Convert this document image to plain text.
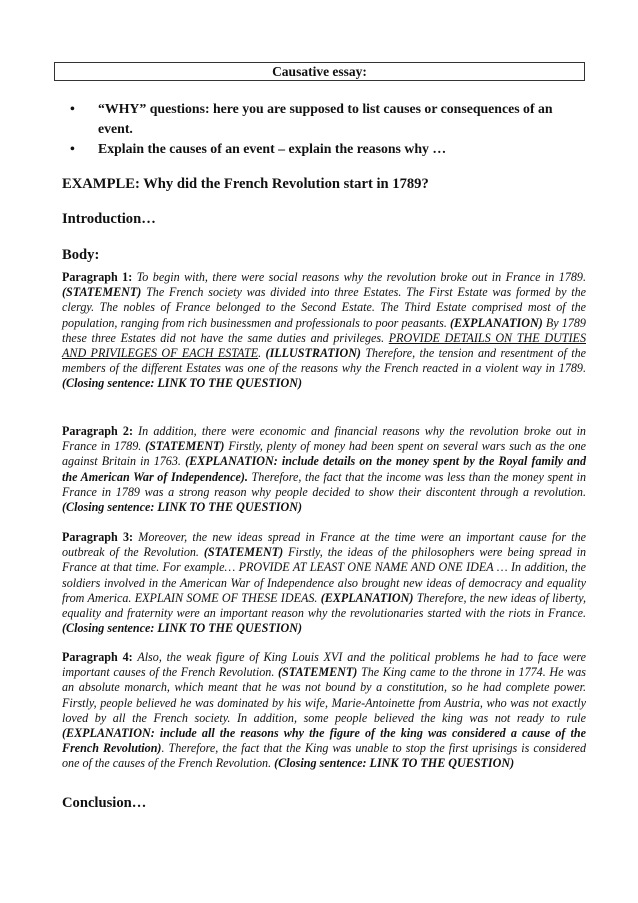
Causative essay:
• “WHY” questions: here you are supposed to list causes or consequences of an event.
• Explain the causes of an event – explain the reasons why …
EXAMPLE: Why did the French Revolution start in 1789?
Introduction…
Body:

Paragraph 1: To begin with, there were social reasons why the revolution broke out in France in 1789. (STATEMENT) The French society was divided into three Estates. The First Estate was formed by the clergy. The nobles of France belonged to the Second Estate. The Third Estate comprised most of the population, ranging from rich businessmen and professionals to poor peasants. (EXPLANATION) By 1789 these three Estates did not have the same duties and privileges. PROVIDE DETAILS ON THE DUTIES AND PRIVILEGES OF EACH ESTATE. (ILLUSTRATION) Therefore, the tension and resentment of the members of the different Estates was one of the reasons why the French reacted in a violent way in 1789. (Closing sentence: LINK TO THE QUESTION)

Paragraph 2: In addition, there were economic and financial reasons why the revolution broke out in France in 1789. (STATEMENT) Firstly, plenty of money had been spent on several wars such as the one against Britain in 1763. (EXPLANATION: include details on the money spent by the Royal family and the American War of Independence). Therefore, the fact that the income was less than the money spent in France in 1789 was a strong reason why people decided to show their discontent through a revolution. (Closing sentence: LINK TO THE QUESTION)

Paragraph 3: Moreover, the new ideas spread in France at the time were an important cause for the outbreak of the Revolution. (STATEMENT) Firstly, the ideas of the philosophers were being spread in France at that time. For example… PROVIDE AT LEAST ONE NAME AND ONE IDEA … In addition, the soldiers involved in the American War of Independence also brought new ideas of democracy and equality from America. EXPLAIN SOME OF THESE IDEAS. (EXPLANATION) Therefore, the new ideas of liberty, equality and fraternity were an important reason why the revolutionaries started with the riots in France. (Closing sentence: LINK TO THE QUESTION)

Paragraph 4: Also, the weak figure of King Louis XVI and the political problems he had to face were important causes of the French Revolution. (STATEMENT) The King came to the throne in 1774. He was an absolute monarch, which meant that he was not bound by a constitution, so he had complete power. Firstly, people believed he was dominated by his wife, Marie-Antoinette from Austria, who was not exactly loved by all the French society. In addition, some people believed the king was not ready to rule (EXPLANATION: include all the reasons why the figure of the king was considered a cause of the French Revolution). Therefore, the fact that the King was unable to stop the first uprisings is considered one of the causes of the French Revolution. (Closing sentence: LINK TO THE QUESTION)

Conclusion…
